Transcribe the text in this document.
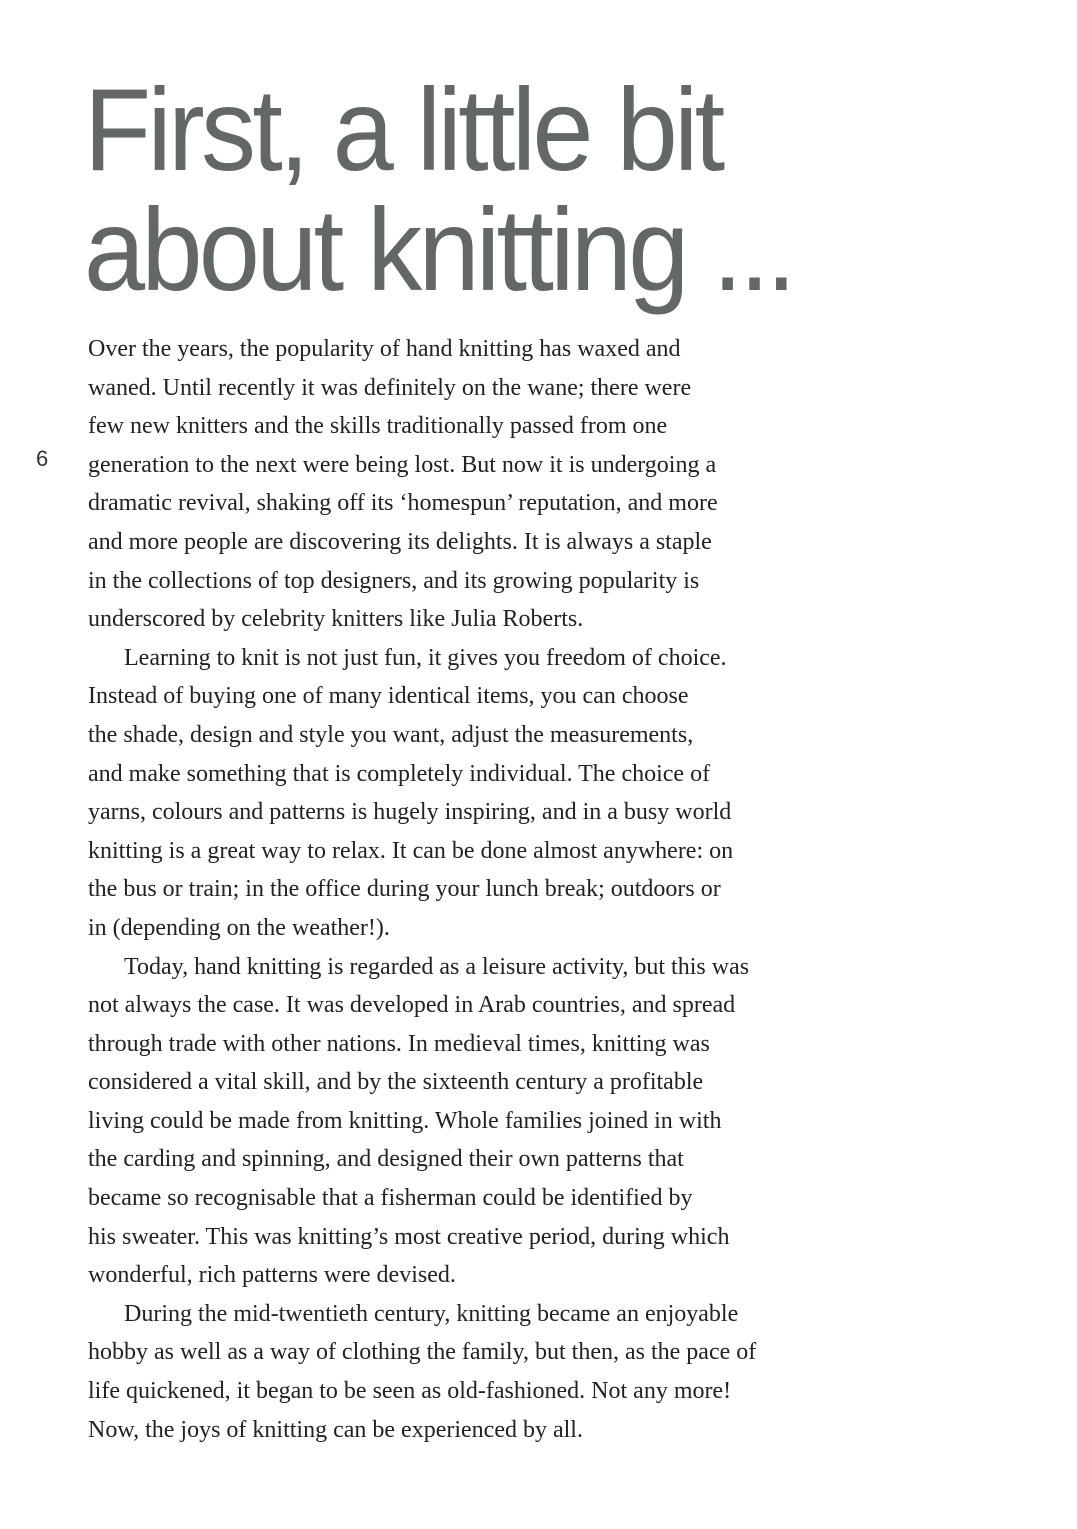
First, a little bit
about knitting ...
6

Over the years, the popularity of hand knitting has waxed and
waned. Until recently it was definitely on the wane; there were
few new knitters and the skills traditionally passed from one
generation to the next were being lost. But now it is undergoing a
dramatic revival, shaking off its ‘homespun’ reputation, and more
and more people are discovering its delights. It is always a staple
in the collections of top designers, and its growing popularity is
underscored by celebrity knitters like Julia Roberts.

Learning to knit is not just fun, it gives you freedom of choice.
Instead of buying one of many identical items, you can choose
the shade, design and style you want, adjust the measurements,
and make something that is completely individual. The choice of
yarns, colours and patterns is hugely inspiring, and in a busy world
knitting is a great way to relax. It can be done almost anywhere: on
the bus or train; in the office during your lunch break; outdoors or
in (depending on the weather!).

Today, hand knitting is regarded as a leisure activity, but this was
not always the case. It was developed in Arab countries, and spread
through trade with other nations. In medieval times, knitting was
considered a vital skill, and by the sixteenth century a profitable
living could be made from knitting. Whole families joined in with
the carding and spinning, and designed their own patterns that
became so recognisable that a fisherman could be identified by
his sweater. This was knitting’s most creative period, during which
wonderful, rich patterns were devised.

During the mid-twentieth century, knitting became an enjoyable
hobby as well as a way of clothing the family, but then, as the pace of
life quickened, it began to be seen as old-fashioned. Not any more!
Now, the joys of knitting can be experienced by all.
